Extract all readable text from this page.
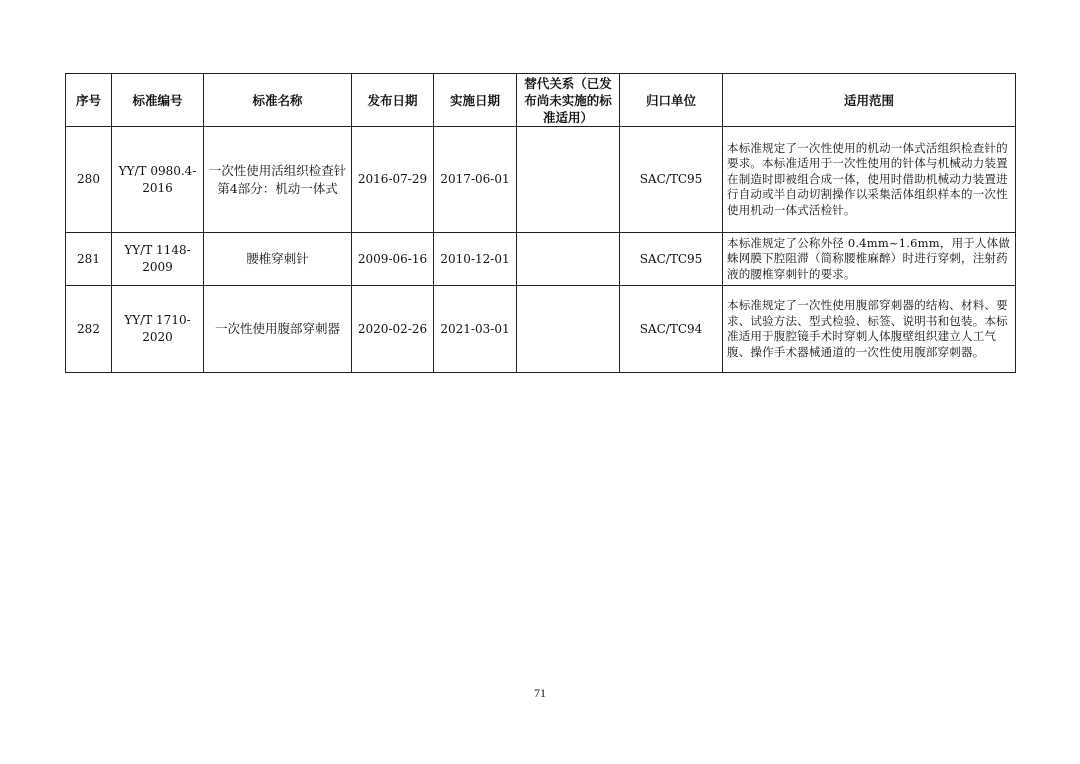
序号	标准编号	标准名称	发布日期	实施日期	替代关系（已发布尚未实施的标准适用）	归口单位	适用范围
280	YY/T 0980.4-2016	一次性使用活组织检查针 第4部分：机动一体式	2016-07-29	2017-06-01		SAC/TC95	本标准规定了一次性使用的机动一体式活组织检查针的要求。本标准适用于一次性使用的针体与机械动力装置在制造时即被组合成一体，使用时借助机械动力装置进行自动或半自动切割操作以采集活体组织样本的一次性使用机动一体式活检针。
281	YY/T 1148-2009	腰椎穿刺针	2009-06-16	2010-12-01		SAC/TC95	本标准规定了公称外径 0.4mm~1.6mm，用于人体做蛛网膜下腔阻滞（简称腰椎麻醉）时进行穿刺，注射药液的腰椎穿刺针的要求。
282	YY/T 1710-2020	一次性使用腹部穿刺器	2020-02-26	2021-03-01		SAC/TC94	本标准规定了一次性使用腹部穿刺器的结构、材料、要求、试验方法、型式检验、标签、说明书和包装。本标准适用于腹腔镜手术时穿刺人体腹壁组织建立人工气腹、操作手术器械通道的一次性使用腹部穿刺器。
71
